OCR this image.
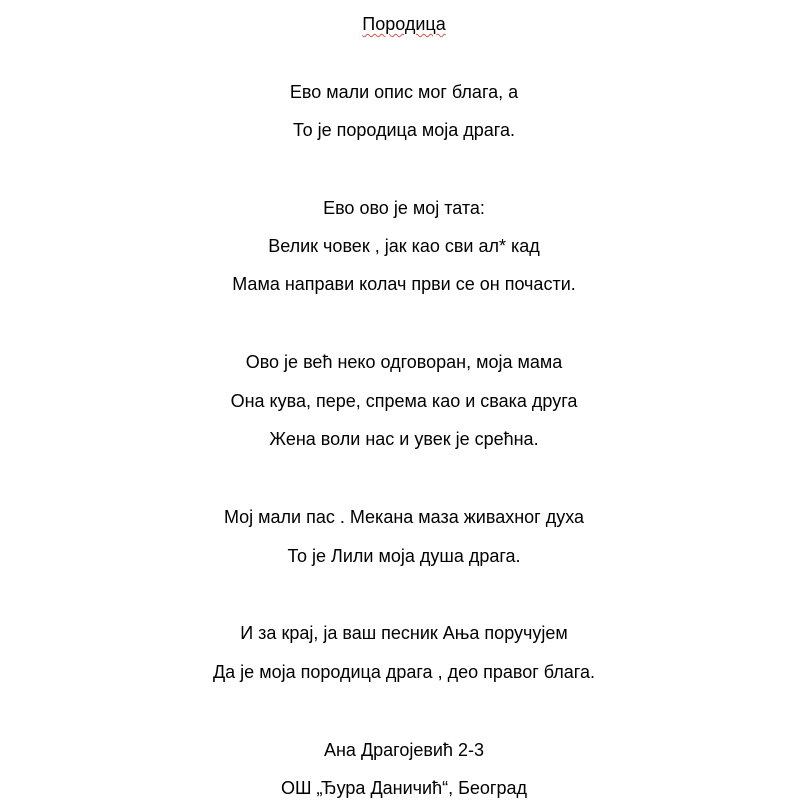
Породица
Ево мали опис мог блага, а
То је породица моја драга.
Ево ово је мој тата:
Велик човек , јак као сви ал* кад
Мама направи колач први се он почасти.
Ово је већ неко одговоран, моја мама
Она кува, пере, спрема као и свака друга
Жена воли нас и увек је срећна.
Мој мали пас . Мекана маза живахног духа
То је Лили моја душа драга.
И за крај, ја ваш песник Ања поручујем
Да је моја породица драга , део правог блага.
Ана Драгојевић 2-3
ОШ „Ђура Даничић“, Београд
